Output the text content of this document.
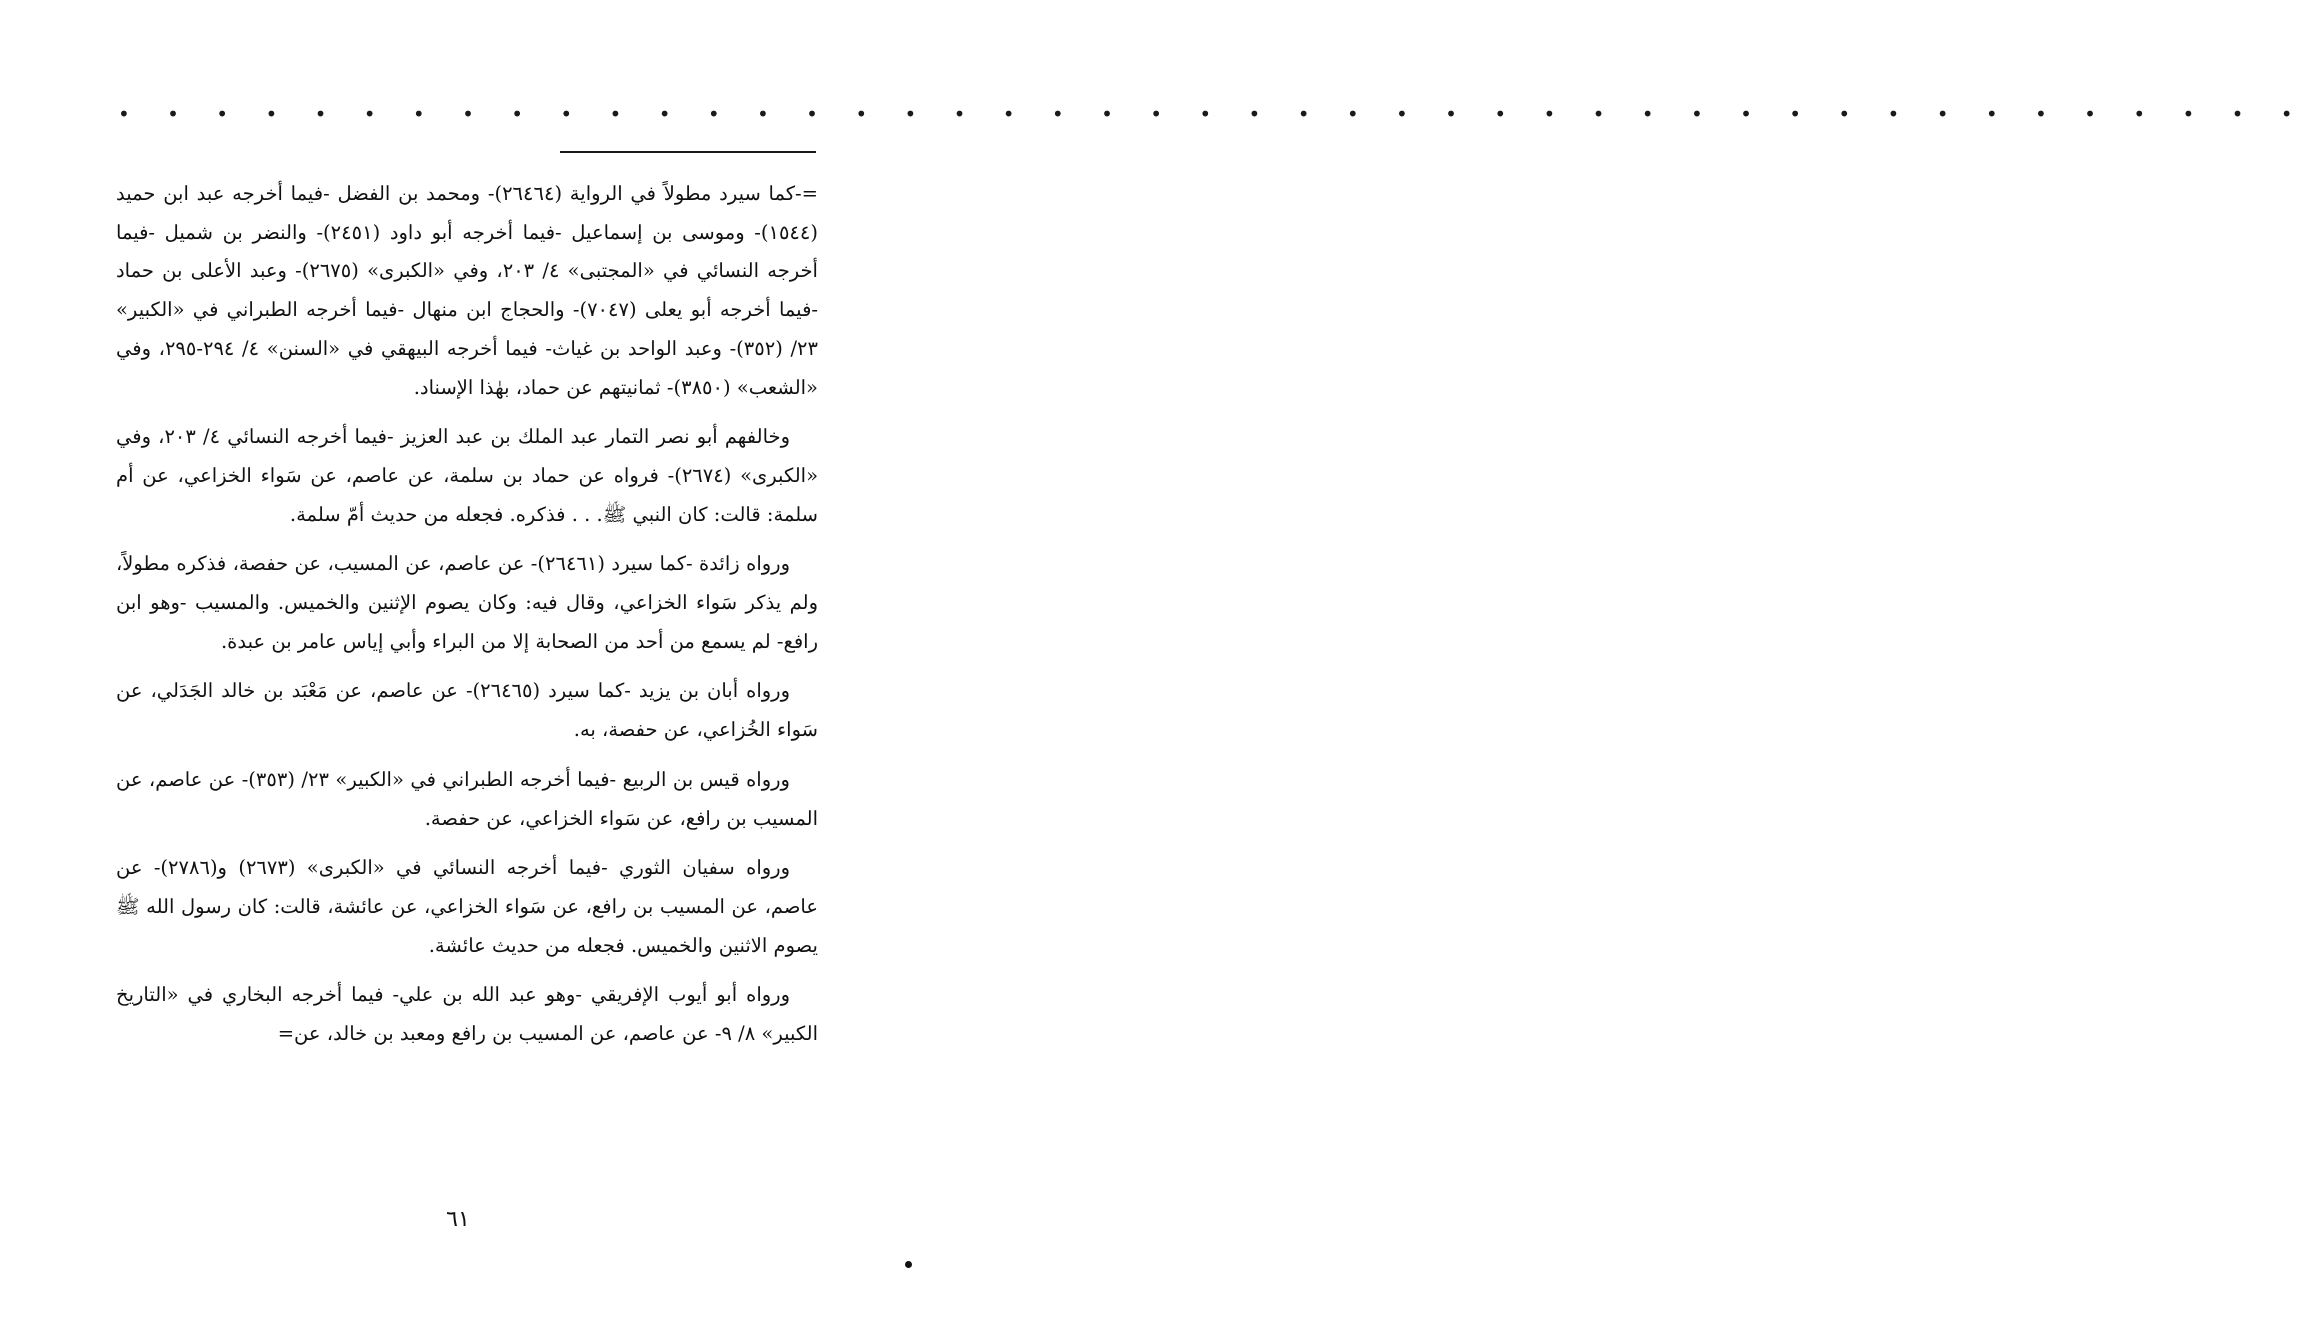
• • • • • • • • • • • • • • • • • • • • • • • • • • • • • • • • • • • • • • • • • • • • •

=-كما سيرد مطولاً في الرواية (٢٦٤٦٤)- ومحمد بن الفضل -فيما أخرجه عبد ابن حميد (١٥٤٤)- وموسى بن إسماعيل -فيما أخرجه أبو داود (٢٤٥١)- والنضر بن شميل -فيما أخرجه النسائي في «المجتبى» ٤/ ٢٠٣، وفي «الكبرى» (٢٦٧٥)- وعبد الأعلى بن حماد -فيما أخرجه أبو يعلى (٧٠٤٧)- والحجاج ابن منهال -فيما أخرجه الطبراني في «الكبير» ٢٣/ (٣٥٢)- وعبد الواحد بن غياث- فيما أخرجه البيهقي في «السنن» ٤/ ٢٩٤-٢٩٥، وفي «الشعب» (٣٨٥٠)- ثمانيتهم عن حماد، بهٰذا الإسناد.

وخالفهم أبو نصر التمار عبد الملك بن عبد العزيز -فيما أخرجه النسائي ٤/ ٢٠٣، وفي «الكبرى» (٢٦٧٤)- فرواه عن حماد بن سلمة، عن عاصم، عن سَواء الخزاعي، عن أم سلمة: قالت: كان النبي ﷺ. . . فذكره. فجعله من حديث أمّ سلمة.

ورواه زائدة -كما سيرد (٢٦٤٦١)- عن عاصم، عن المسيب، عن حفصة، فذكره مطولاً، ولم يذكر سَواء الخزاعي، وقال فيه: وكان يصوم الإثنين والخميس. والمسيب -وهو ابن رافع- لم يسمع من أحد من الصحابة إلا من البراء وأبي إياس عامر بن عبدة.

ورواه أبان بن يزيد -كما سيرد (٢٦٤٦٥)- عن عاصم، عن مَعْبَد بن خالد الجَدَلي، عن سَواء الخُزاعي، عن حفصة، به.

ورواه قيس بن الربيع -فيما أخرجه الطبراني في «الكبير» ٢٣/ (٣٥٣)- عن عاصم، عن المسيب بن رافع، عن سَواء الخزاعي، عن حفصة.

ورواه سفيان الثوري -فيما أخرجه النسائي في «الكبرى» (٢٦٧٣) و(٢٧٨٦)- عن عاصم، عن المسيب بن رافع، عن سَواء الخزاعي، عن عائشة، قالت: كان رسول الله ﷺ يصوم الاثنين والخميس. فجعله من حديث عائشة.

ورواه أبو أيوب الإفريقي -وهو عبد الله بن علي- فيما أخرجه البخاري في «التاريخ الكبير» ٨/ ٩- عن عاصم، عن المسيب بن رافع ومعبد بن خالد، عن=

٦١
